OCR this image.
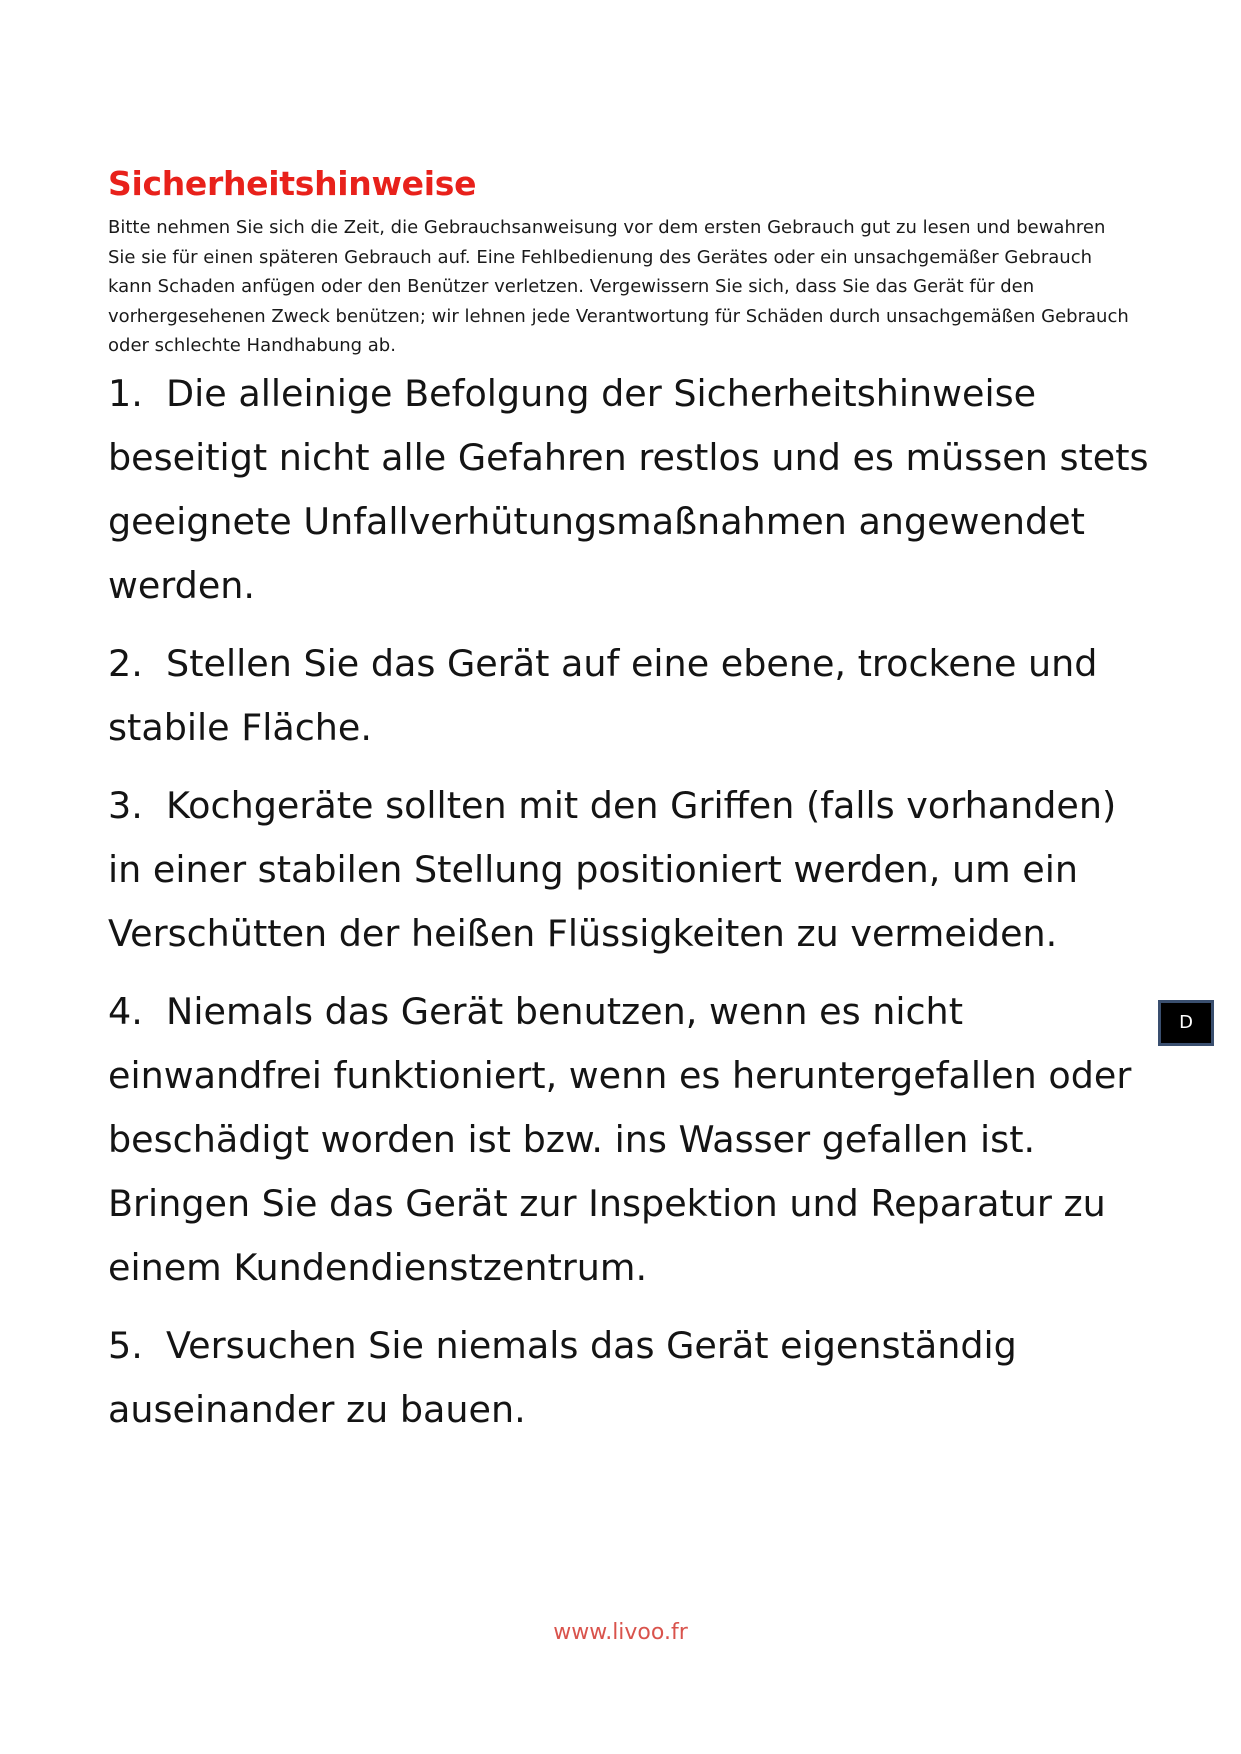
Sicherheitshinweise

Bitte nehmen Sie sich die Zeit, die Gebrauchsanweisung vor dem ersten Gebrauch gut zu lesen und bewahren Sie sie für einen späteren Gebrauch auf. Eine Fehlbedienung des Gerätes oder ein unsachgemäßer Gebrauch kann Schaden anfügen oder den Benützer verletzen. Vergewissern Sie sich, dass Sie das Gerät für den vorhergesehenen Zweck benützen; wir lehnen jede Verantwortung für Schäden durch unsachgemäßen Gebrauch oder schlechte Handhabung ab.

1. Die alleinige Befolgung der Sicherheitshinweise beseitigt nicht alle Gefahren restlos und es müssen stets geeignete Unfallverhütungsmaßnahmen angewendet werden.
2. Stellen Sie das Gerät auf eine ebene, trockene und stabile Fläche.
3. Kochgeräte sollten mit den Griffen (falls vorhanden) in einer stabilen Stellung positioniert werden, um ein Verschütten der heißen Flüssigkeiten zu vermeiden.
4. Niemals das Gerät benutzen, wenn es nicht einwandfrei funktioniert, wenn es heruntergefallen oder beschädigt worden ist bzw. ins Wasser gefallen ist. Bringen Sie das Gerät zur Inspektion und Reparatur zu einem Kundendienstzentrum.
5. Versuchen Sie niemals das Gerät eigenständig auseinander zu bauen.
D

www.livoo.fr
